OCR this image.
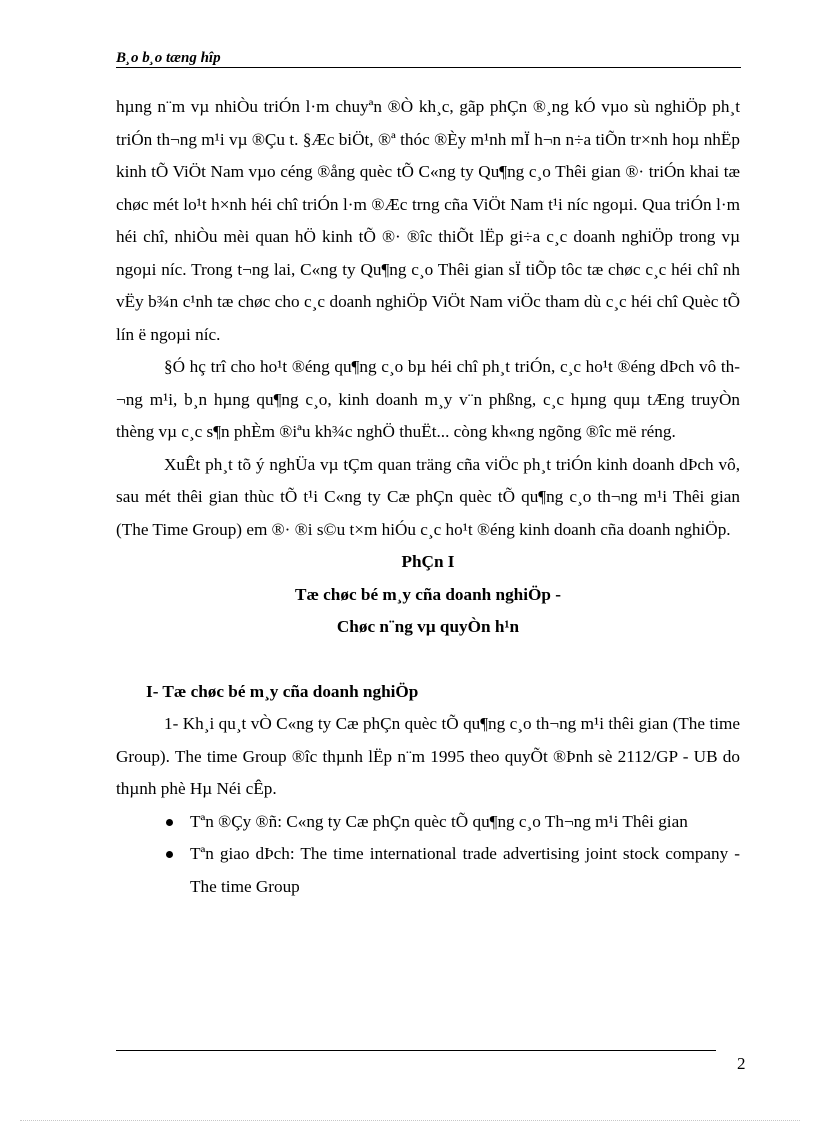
B¸o b¸o tæng hîp

hµng n¨m vµ nhiÒu triÓn l·m chuyªn ®Ò kh¸c, gãp phÇn ®¸ng kÓ vµo sù nghiÖp ph¸t triÓn th¬ng m¹i vµ ®Çu t. §Æc biÖt, ®ª thóc ®Èy m¹nh mÏ h¬n n÷a tiÕn tr×nh hoµ nhËp kinh tÕ ViÖt Nam vµo céng ®ång quèc tÕ C«ng ty Qu¶ng c¸o Thêi gian ®· triÓn khai tæ chøc mét lo¹t h×nh héi chî triÓn l·m ®Æc trng cña ViÖt Nam t¹i níc ngoµi. Qua triÓn l·m héi chî, nhiÒu mèi quan hÖ kinh tÕ ®· ®îc thiÕt lËp gi÷a c¸c doanh nghiÖp trong vµ ngoµi níc. Trong t¬ng lai, C«ng ty Qu¶ng c¸o Thêi gian sÏ tiÕp tôc tæ chøc c¸c héi chî nh vËy b¾n c¹nh tæ chøc cho c¸c doanh nghiÖp ViÖt Nam viÖc tham dù c¸c héi chî Quèc tÕ lín ë ngoµi níc.

§Ó hç trî cho ho¹t ®éng qu¶ng c¸o bµ héi chî ph¸t triÓn, c¸c ho¹t ®éng dÞch vô th¬ng m¹i, b¸n hµng qu¶ng c¸o, kinh doanh m¸y v¨n phßng, c¸c hµng quµ tÆng truyÒn thèng vµ c¸c s¶n phÈm ®iªu kh¾c nghÖ thuËt... còng kh«ng ngõng ®îc më réng.

XuÊt ph¸t tõ ý nghÜa vµ tÇm quan träng cña viÖc ph¸t triÓn kinh doanh dÞch vô, sau mét thêi gian thùc tÕ t¹i C«ng ty Cæ phÇn quèc tÕ qu¶ng c¸o th¬ng m¹i Thêi gian (The Time Group) em ®· ®i s©u t×m hiÓu c¸c ho¹t ®éng kinh doanh cña doanh nghiÖp.

PhÇn I

Tæ chøc bé m¸y cña doanh nghiÖp -

Chøc n¨ng vµ quyÒn h¹n

I- Tæ chøc bé m¸y cña doanh nghiÖp

1- Kh¸i qu¸t vÒ C«ng ty Cæ phÇn quèc tÕ qu¶ng c¸o th¬ng m¹i thêi gian (The time Group). The time Group ®îc thµnh lËp n¨m 1995 theo quyÕt ®Þnh sè 2112/GP - UB do thµnh phè Hµ Néi cÊp.

Tªn ®Çy ®ñ: C«ng ty Cæ phÇn quèc tÕ qu¶ng c¸o Th¬ng m¹i Thêi gian
Tªn giao dÞch: The time international trade advertising joint stock company - The time Group
2
